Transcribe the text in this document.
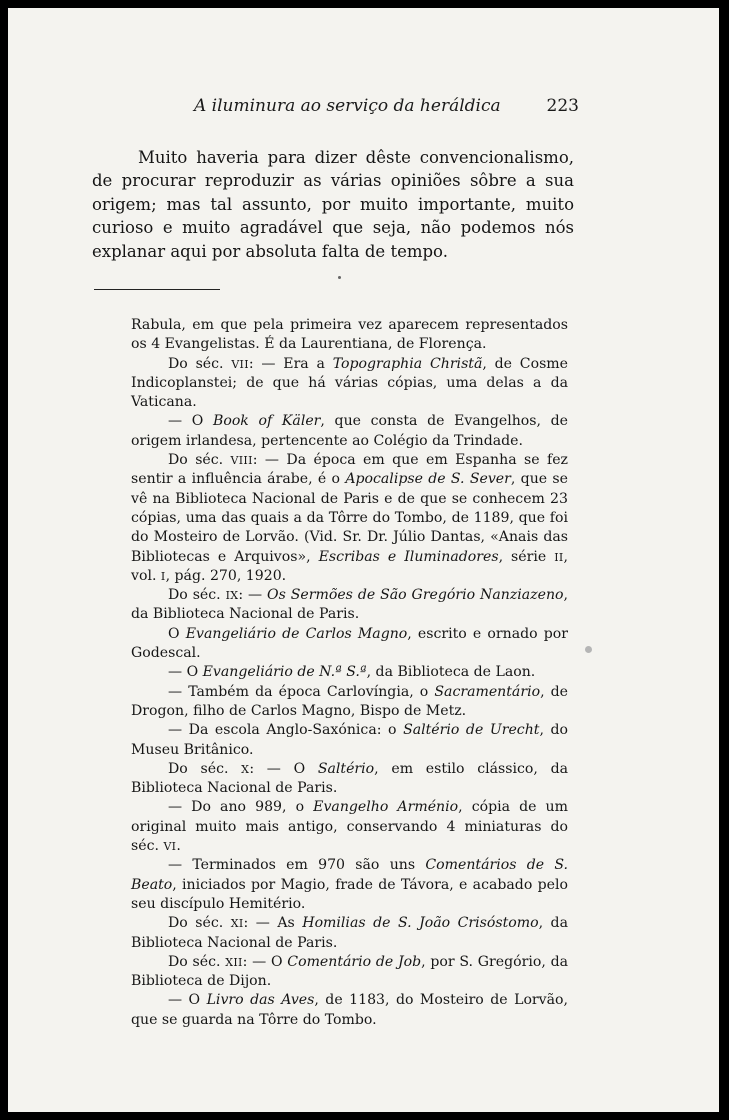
A iluminura ao serviço da heráldica	223

Muito haveria para dizer dêste convencionalismo, de procurar reproduzir as várias opiniões sôbre a sua origem; mas tal assunto, por muito importante, muito curioso e muito agradável que seja, não podemos nós explanar aqui por absoluta falta de tempo.

Rabula, em que pela primeira vez aparecem representados os 4 Evangelistas. É da Laurentiana, de Florença.

Do séc. VII: — Era a Topographia Christã, de Cosme Indicoplanstei; de que há várias cópias, uma delas a da Vaticana.

— O Book of Käler, que consta de Evangelhos, de origem irlandesa, pertencente ao Colégio da Trindade.

Do séc. VIII: — Da época em que em Espanha se fez sentir a influência árabe, é o Apocalipse de S. Sever, que se vê na Biblioteca Nacional de Paris e de que se conhecem 23 cópias, uma das quais a da Tôrre do Tombo, de 1189, que foi do Mosteiro de Lorvão. (Vid. Sr. Dr. Júlio Dantas, «Anais das Bibliotecas e Arquivos», Escribas e Iluminadores, série II, vol. I, pág. 270, 1920.

Do séc. IX: — Os Sermões de São Gregório Nanziazeno, da Biblioteca Nacional de Paris.

O Evangeliário de Carlos Magno, escrito e ornado por Godescal.

— O Evangeliário de N.ª S.ª, da Biblioteca de Laon.

— Também da época Carlovíngia, o Sacramentário, de Drogon, filho de Carlos Magno, Bispo de Metz.

— Da escola Anglo-Saxónica: o Saltério de Urecht, do Museu Britânico.

Do séc. X: — O Saltério, em estilo clássico, da Biblioteca Nacional de Paris.

— Do ano 989, o Evangelho Arménio, cópia de um original muito mais antigo, conservando 4 miniaturas do séc. VI.

— Terminados em 970 são uns Comentários de S. Beato, iniciados por Magio, frade de Távora, e acabado pelo seu discípulo Hemitério.

Do séc. XI: — As Homilias de S. João Crisóstomo, da Biblioteca Nacional de Paris.

Do séc. XII: — O Comentário de Job, por S. Gregório, da Biblioteca de Dijon.

— O Livro das Aves, de 1183, do Mosteiro de Lorvão, que se guarda na Tôrre do Tombo.
